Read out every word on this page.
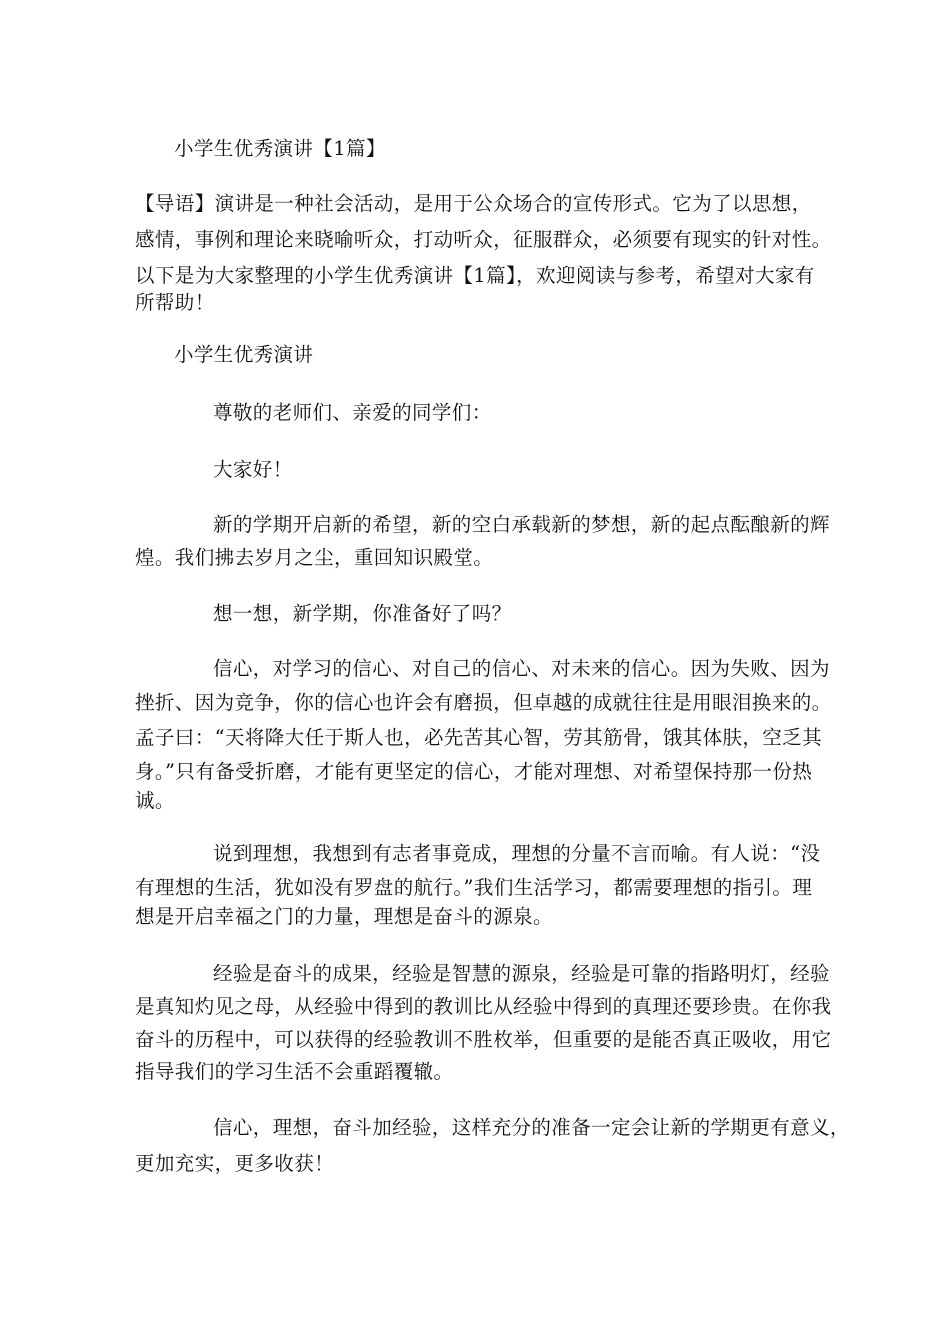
小学生优秀演讲【1篇】
【导语】演讲是一种社会活动，是用于公众场合的宣传形式。它为了以思想，
感情，事例和理论来晓喻听众，打动听众，征服群众，必须要有现实的针对性。
以下是为大家整理的小学生优秀演讲【1篇】，欢迎阅读与参考，希望对大家有
所帮助！
小学生优秀演讲
尊敬的老师们、亲爱的同学们：
大家好！
新的学期开启新的希望，新的空白承载新的梦想，新的起点酝酿新的辉
煌。我们拂去岁月之尘，重回知识殿堂。
想一想，新学期，你准备好了吗？
信心，对学习的信心、对自己的信心、对未来的信心。因为失败、因为
挫折、因为竞争，你的信心也许会有磨损，但卓越的成就往往是用眼泪换来的。
孟子曰：“天将降大任于斯人也，必先苦其心智，劳其筋骨，饿其体肤，空乏其
身。”只有备受折磨，才能有更坚定的信心，才能对理想、对希望保持那一份热
诚。
说到理想，我想到有志者事竟成，理想的分量不言而喻。有人说：“没
有理想的生活，犹如没有罗盘的航行。”我们生活学习，都需要理想的指引。理
想是开启幸福之门的力量，理想是奋斗的源泉。
经验是奋斗的成果，经验是智慧的源泉，经验是可靠的指路明灯，经验
是真知灼见之母，从经验中得到的教训比从经验中得到的真理还要珍贵。在你我
奋斗的历程中，可以获得的经验教训不胜枚举，但重要的是能否真正吸收，用它
指导我们的学习生活不会重蹈覆辙。
信心，理想，奋斗加经验，这样充分的准备一定会让新的学期更有意义，
更加充实，更多收获！
